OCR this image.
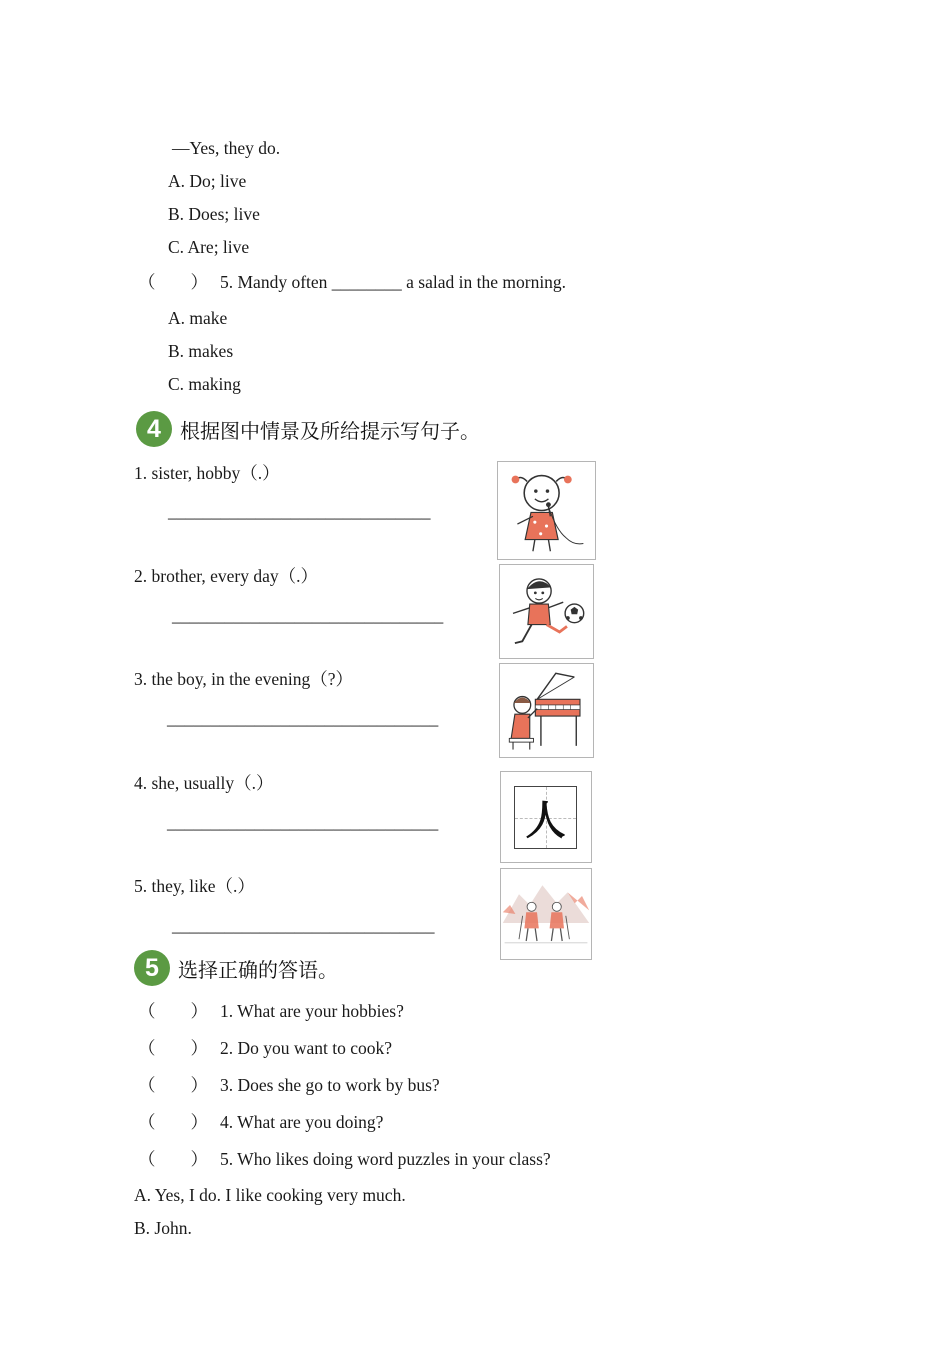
—Yes, they do.
A. Do; live
B. Does; live
C. Are; live
（　　） 5. Mandy often ________ a salad in the morning.
A. make
B. makes
C. making
4 根据图中情景及所给提示写句子。
1. sister, hobby（.）
______________________________
2. brother, every day（.）
_______________________________
3. the boy, in the evening（?）
_______________________________
4. she, usually（.）
_______________________________
5. they, like（.）
______________________________
人
5 选择正确的答语。
（　　） 1. What are your hobbies?
（　　） 2. Do you want to cook?
（　　） 3. Does she go to work by bus?
（　　） 4. What are you doing?
（　　） 5. Who likes doing word puzzles in your class?
A. Yes, I do. I like cooking very much.
B. John.
